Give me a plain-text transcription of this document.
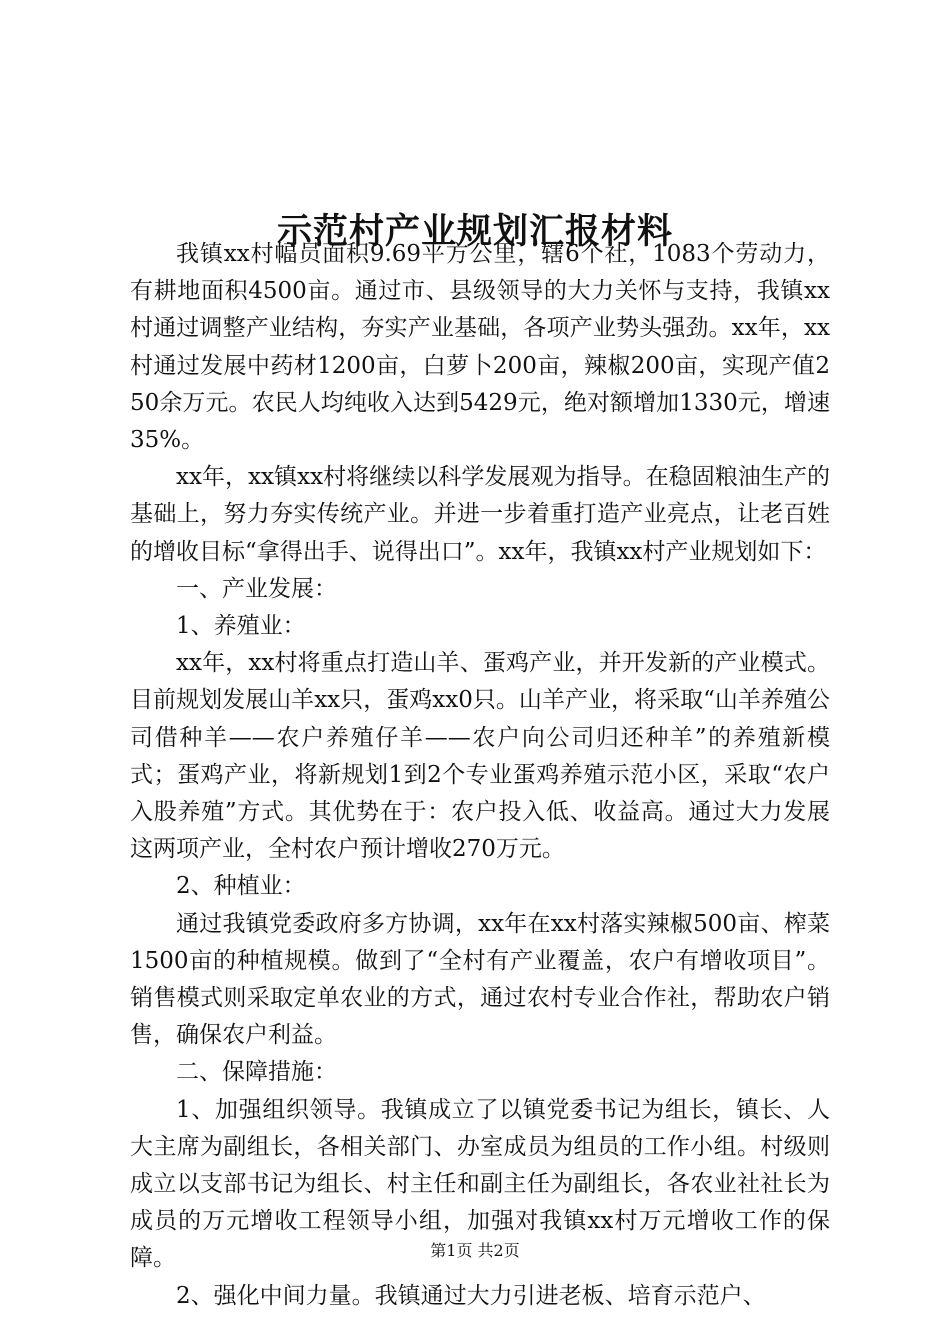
示范村产业规划汇报材料

我镇xx村幅员面积9.69平方公里，辖6个社，1083个劳动力，有耕地面积4500亩。通过市、县级领导的大力关怀与支持，我镇xx村通过调整产业结构，夯实产业基础，各项产业势头强劲。xx年，xx村通过发展中药材1200亩，白萝卜200亩，辣椒200亩，实现产值250余万元。农民人均纯收入达到5429元，绝对额增加1330元，增速35%。

xx年，xx镇xx村将继续以科学发展观为指导。在稳固粮油生产的基础上，努力夯实传统产业。并进一步着重打造产业亮点，让老百姓的增收目标“拿得出手、说得出口”。xx年，我镇xx村产业规划如下：

一、产业发展：

1、养殖业：

xx年，xx村将重点打造山羊、蛋鸡产业，并开发新的产业模式。目前规划发展山羊xx只，蛋鸡xx0只。山羊产业，将采取“山羊养殖公司借种羊——农户养殖仔羊——农户向公司归还种羊”的养殖新模式；蛋鸡产业，将新规划1到2个专业蛋鸡养殖示范小区，采取“农户入股养殖”方式。其优势在于：农户投入低、收益高。通过大力发展这两项产业，全村农户预计增收270万元。

2、种植业：

通过我镇党委政府多方协调，xx年在xx村落实辣椒500亩、榨菜1500亩的种植规模。做到了“全村有产业覆盖，农户有增收项目”。销售模式则采取定单农业的方式，通过农村专业合作社，帮助农户销售，确保农户利益。

二、保障措施：

1、加强组织领导。我镇成立了以镇党委书记为组长，镇长、人大主席为副组长，各相关部门、办室成员为组员的工作小组。村级则成立以支部书记为组长、村主任和副主任为副组长，各农业社社长为成员的万元增收工程领导小组，加强对我镇xx村万元增收工作的保障。

2、强化中间力量。我镇通过大力引进老板、培育示范户、

第1页 共2页
